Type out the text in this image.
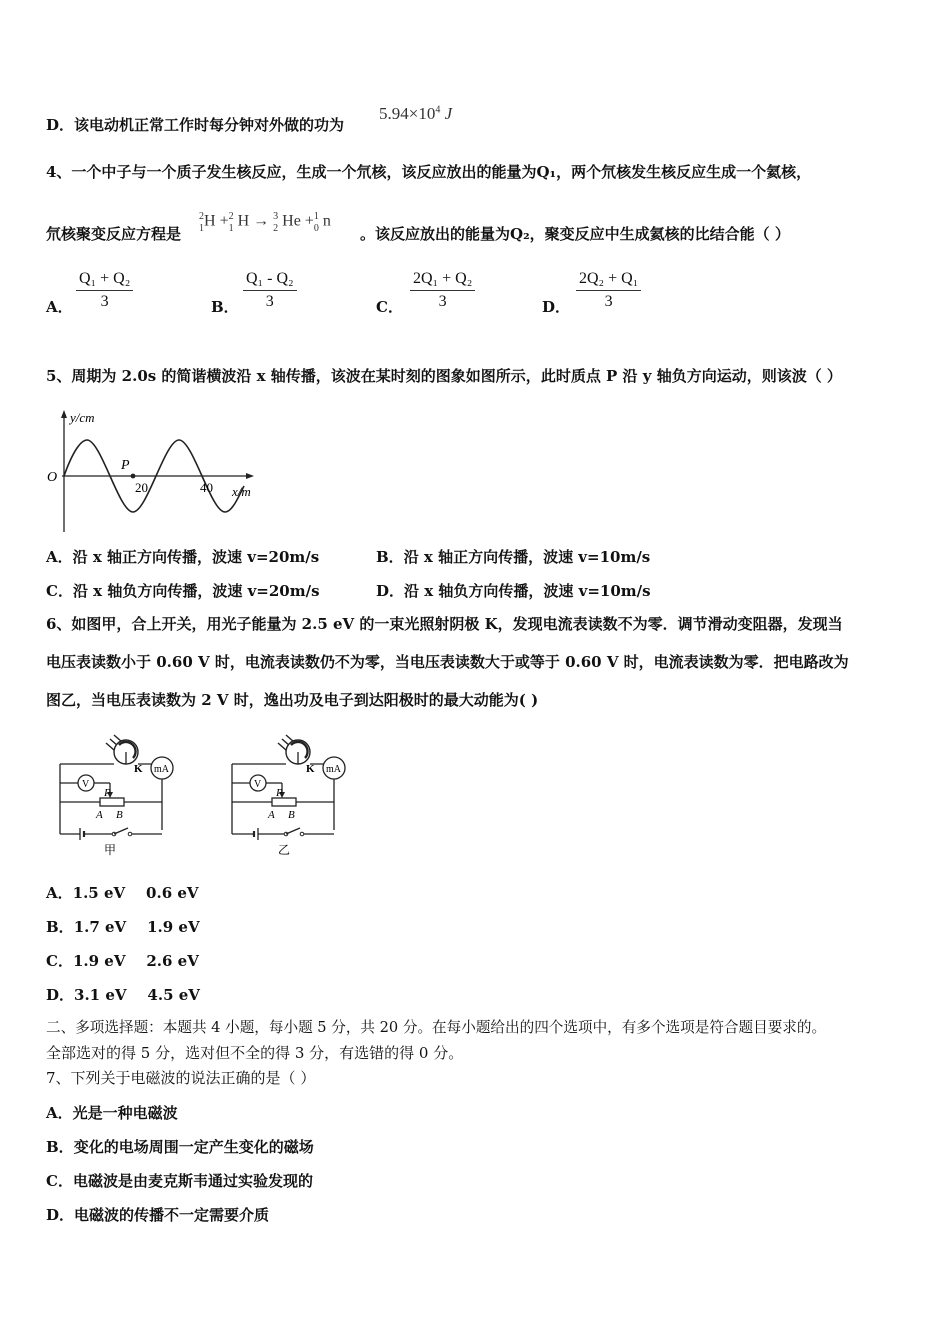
D．该电动机正常工作时每分钟对外做的功为
$5.94\times 10^4$ J
4、一个中子与一个质子发生核反应，生成一个氘核，该反应放出的能量为Q₁，两个氘核发生核反应生成一个氦核，
氘核聚变反应方程是
2
1H +2
1 H → 3
2 He +1
0 n
。该反应放出的能量为Q₂，聚变反应中生成氦核的比结合能（ ）
A． $\frac{\text{Q₁ + Q₂}}{3}$	B． $\frac{\text{Q₁ - Q₂}}{3}$	C． $\frac{\text{2Q₁ + Q₂}}{3}$	D． $\frac{\text{2Q₂ + Q₁}}{3}$
5、周期为 2.0s 的简谐横波沿 x 轴传播，该波在某时刻的图象如图所示，此时质点 P 沿 y 轴负方向运动，则该波（ ）
y/cm
O
P
20	40 x/m
A．沿 x 轴正方向传播，波速 v=20m/s	B．沿 x 轴正方向传播，波速 v=10m/s
C．沿 x 轴负方向传播，波速 v=20m/s	D．沿 x 轴负方向传播，波速 v=10m/s
6、如图甲，合上开关，用光子能量为 2.5 eV 的一束光照射阴极 K，发现电流表读数不为零．调节滑动变阻器，发现当
电压表读数小于 0.60 V 时，电流表读数仍不为零，当电压表读数大于或等于 0.60 V 时，电流表读数为零．把电路改为
图乙，当电压表读数为 2 V 时，逸出功及电子到达阳极时的最大动能为( )
K mA
V
P
A B
甲
K mA
V
P
A B
乙
A．1.5 eV    0.6 eV
B．1.7 eV    1.9 eV
C．1.9 eV    2.6 eV
D．3.1 eV    4.5 eV
二、多项选择题：本题共 4 小题，每小题 5 分，共 20 分。在每小题给出的四个选项中，有多个选项是符合题目要求的。
全部选对的得 5 分，选对但不全的得 3 分，有选错的得 0 分。
7、下列关于电磁波的说法正确的是（ ）
A．光是一种电磁波
B．变化的电场周围一定产生变化的磁场
C．电磁波是由麦克斯韦通过实验发现的
D．电磁波的传播不一定需要介质
